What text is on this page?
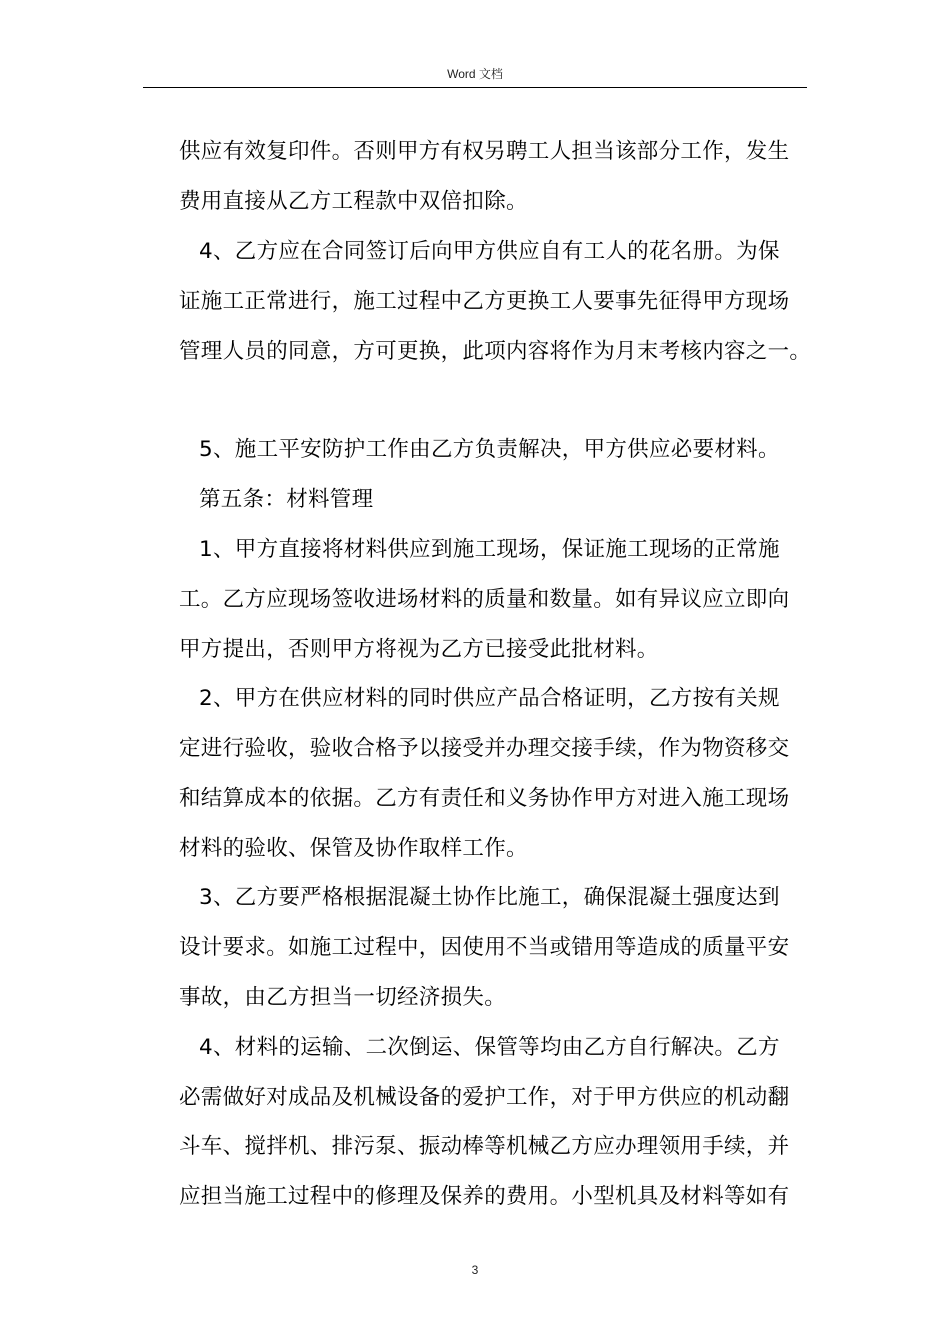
Word 文档
供应有效复印件。否则甲方有权另聘工人担当该部分工作，发生
费用直接从乙方工程款中双倍扣除。
4、乙方应在合同签订后向甲方供应自有工人的花名册。为保
证施工正常进行，施工过程中乙方更换工人要事先征得甲方现场
管理人员的同意，方可更换，此项内容将作为月末考核内容之一。
5、施工平安防护工作由乙方负责解决，甲方供应必要材料。
第五条：材料管理
1、甲方直接将材料供应到施工现场，保证施工现场的正常施
工。乙方应现场签收进场材料的质量和数量。如有异议应立即向
甲方提出，否则甲方将视为乙方已接受此批材料。
2、甲方在供应材料的同时供应产品合格证明，乙方按有关规
定进行验收，验收合格予以接受并办理交接手续，作为物资移交
和结算成本的依据。乙方有责任和义务协作甲方对进入施工现场
材料的验收、保管及协作取样工作。
3、乙方要严格根据混凝土协作比施工，确保混凝土强度达到
设计要求。如施工过程中，因使用不当或错用等造成的质量平安
事故，由乙方担当一切经济损失。
4、材料的运输、二次倒运、保管等均由乙方自行解决。乙方
必需做好对成品及机械设备的爱护工作，对于甲方供应的机动翻
斗车、搅拌机、排污泵、振动棒等机械乙方应办理领用手续，并
应担当施工过程中的修理及保养的费用。小型机具及材料等如有
3
